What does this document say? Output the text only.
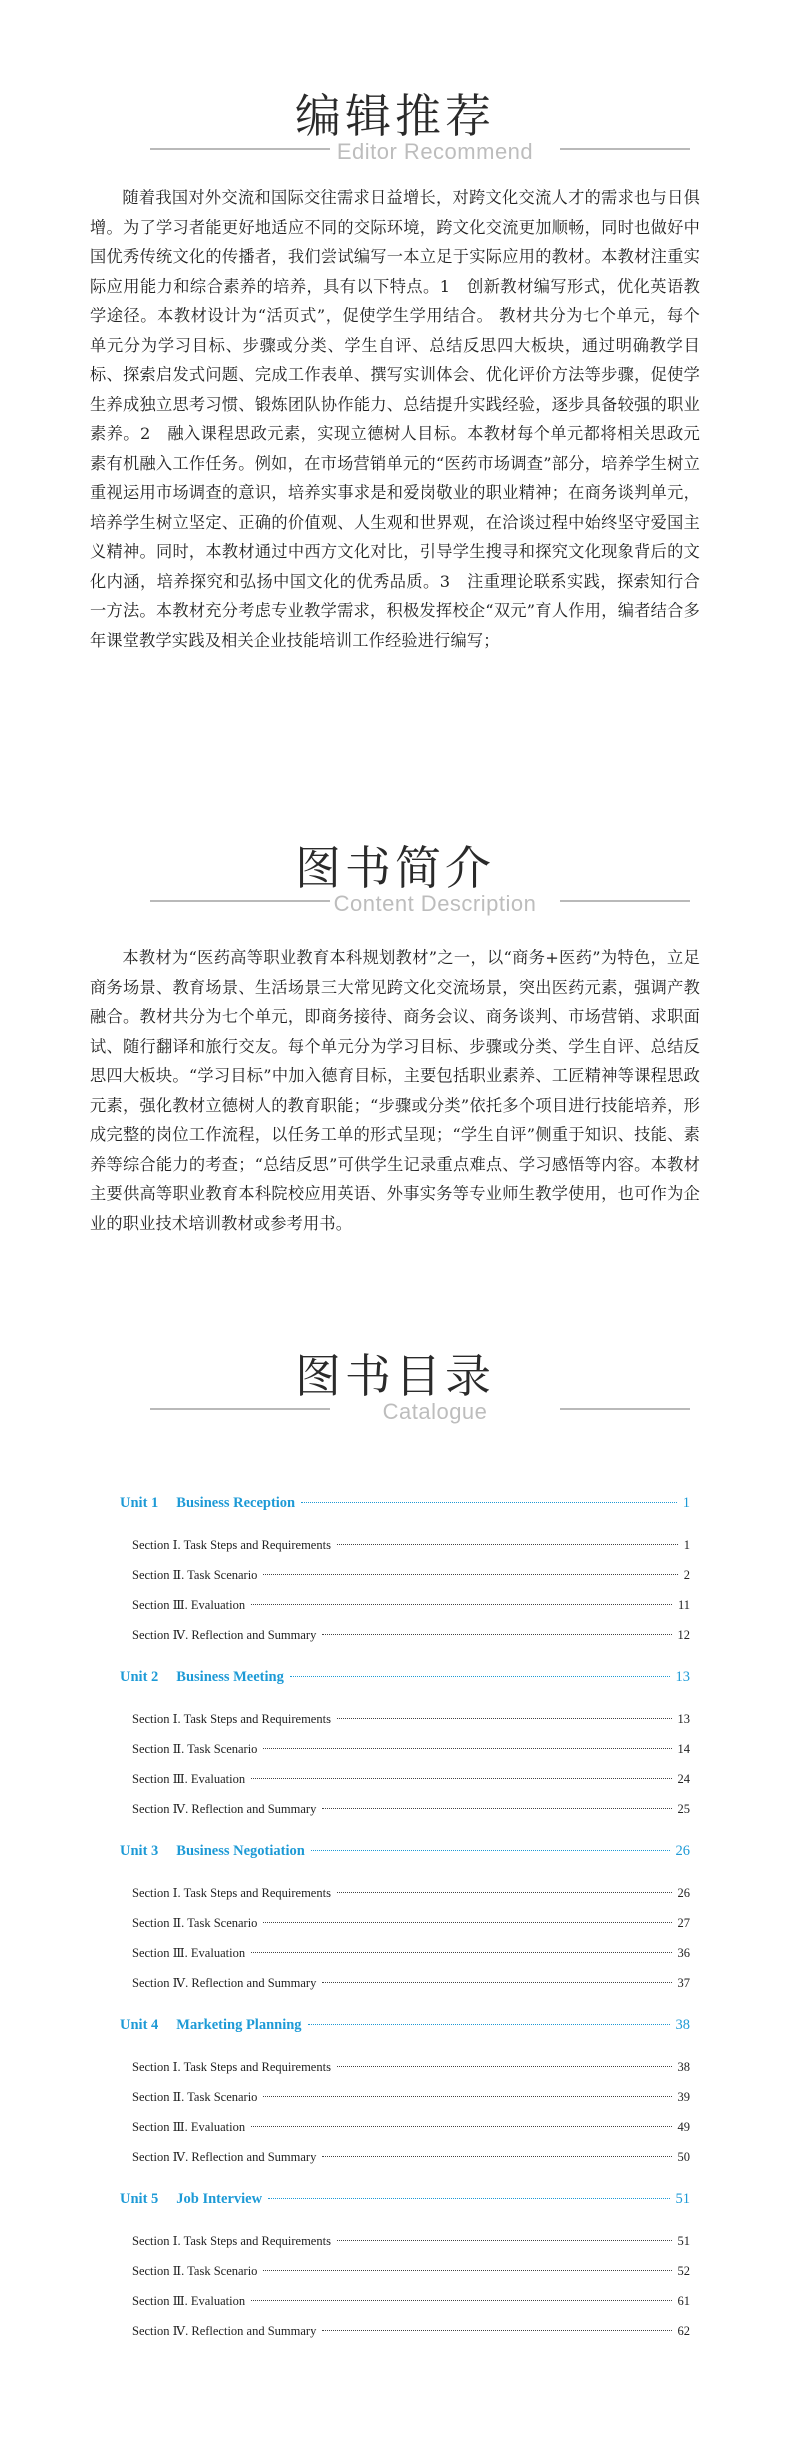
编辑推荐
Editor Recommend

随着我国对外交流和国际交往需求日益增长，对跨文化交流人才的需求也与日俱增。为了学习者能更好地适应不同的交际环境，跨文化交流更加顺畅，同时也做好中国优秀传统文化的传播者，我们尝试编写一本立足于实际应用的教材。本教材注重实际应用能力和综合素养的培养，具有以下特点。1　创新教材编写形式，优化英语教学途径。本教材设计为“活页式”，促使学生学用结合。 教材共分为七个单元，每个单元分为学习目标、步骤或分类、学生自评、总结反思四大板块，通过明确教学目标、探索启发式问题、完成工作表单、撰写实训体会、优化评价方法等步骤，促使学生养成独立思考习惯、锻炼团队协作能力、总结提升实践经验，逐步具备较强的职业素养。2　融入课程思政元素，实现立德树人目标。本教材每个单元都将相关思政元素有机融入工作任务。例如，在市场营销单元的“医药市场调查”部分，培养学生树立重视运用市场调查的意识，培养实事求是和爱岗敬业的职业精神；在商务谈判单元，培养学生树立坚定、正确的价值观、人生观和世界观，在洽谈过程中始终坚守爱国主义精神。同时，本教材通过中西方文化对比，引导学生搜寻和探究文化现象背后的文化内涵，培养探究和弘扬中国文化的优秀品质。3　注重理论联系实践，探索知行合一方法。本教材充分考虑专业教学需求，积极发挥校企“双元”育人作用，编者结合多年课堂教学实践及相关企业技能培训工作经验进行编写；

图书简介
Content Description

本教材为“医药高等职业教育本科规划教材”之一，以“商务+医药”为特色，立足商务场景、教育场景、生活场景三大常见跨文化交流场景，突出医药元素，强调产教融合。教材共分为七个单元，即商务接待、商务会议、商务谈判、市场营销、求职面试、随行翻译和旅行交友。每个单元分为学习目标、步骤或分类、学生自评、总结反思四大板块。“学习目标”中加入德育目标，主要包括职业素养、工匠精神等课程思政元素，强化教材立德树人的教育职能；“步骤或分类”依托多个项目进行技能培养，形成完整的岗位工作流程，以任务工单的形式呈现；“学生自评”侧重于知识、技能、素养等综合能力的考查；“总结反思”可供学生记录重点难点、学习感悟等内容。本教材主要供高等职业教育本科院校应用英语、外事实务等专业师生教学使用，也可作为企业的职业技术培训教材或参考用书。

图书目录
Catalogue
Unit 1 Business Reception	1
Section Ⅰ. Task Steps and Requirements	1
Section Ⅱ. Task Scenario	2
Section Ⅲ. Evaluation	11
Section Ⅳ. Reflection and Summary	12
Unit 2 Business Meeting	13
Section Ⅰ. Task Steps and Requirements	13
Section Ⅱ. Task Scenario	14
Section Ⅲ. Evaluation	24
Section Ⅳ. Reflection and Summary	25
Unit 3 Business Negotiation	26
Section Ⅰ. Task Steps and Requirements	26
Section Ⅱ. Task Scenario	27
Section Ⅲ. Evaluation	36
Section Ⅳ. Reflection and Summary	37
Unit 4 Marketing Planning	38
Section Ⅰ. Task Steps and Requirements	38
Section Ⅱ. Task Scenario	39
Section Ⅲ. Evaluation	49
Section Ⅳ. Reflection and Summary	50
Unit 5 Job Interview	51
Section Ⅰ. Task Steps and Requirements	51
Section Ⅱ. Task Scenario	52
Section Ⅲ. Evaluation	61
Section Ⅳ. Reflection and Summary	62
